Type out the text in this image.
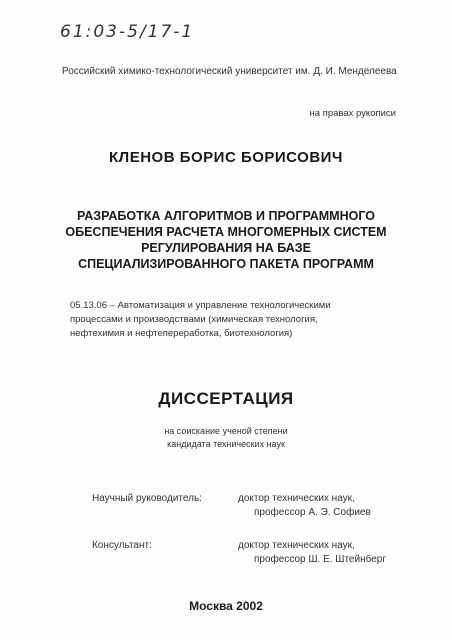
61:03-5/17-1
Российский химико-технологический университет им. Д. И. Менделеева
на правах рукописи
КЛЕНОВ БОРИС БОРИСОВИЧ
РАЗРАБОТКА АЛГОРИТМОВ И ПРОГРАММНОГО
ОБЕСПЕЧЕНИЯ РАСЧЕТА МНОГОМЕРНЫХ СИСТЕМ
РЕГУЛИРОВАНИЯ НА БАЗЕ
СПЕЦИАЛИЗИРОВАННОГО ПАКЕТА ПРОГРАММ
05.13.06 – Автоматизация и управление технологическими
процессами и производствами (химическая технология,
нефтехимия и нефтепереработка, биотехнология)
ДИССЕРТАЦИЯ
на соискание ученой степени
кандидата технических наук
Научный руководитель:	доктор технических наук,
профессор А. Э. Софиев
Консультант:	доктор технических наук,
профессор Ш. Е. Штейнберг
Москва 2002
